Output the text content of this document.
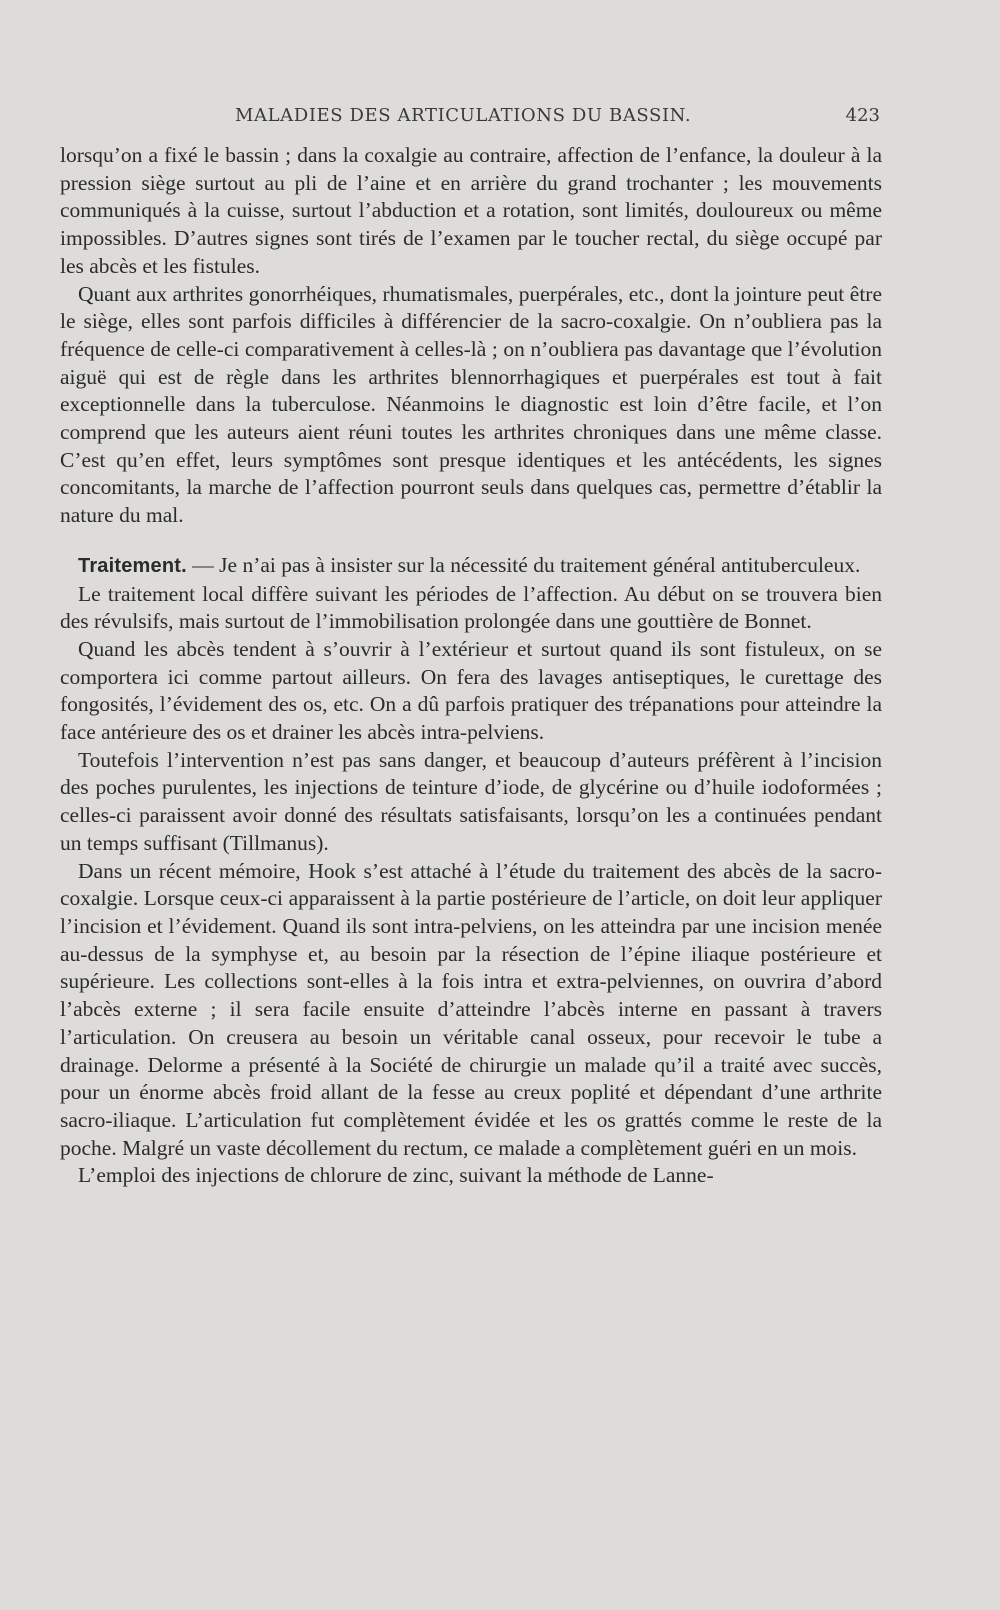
MALADIES DES ARTICULATIONS DU BASSIN.	423

lorsqu’on a fixé le bassin ; dans la coxalgie au contraire, affection de l’enfance, la douleur à la pression siège surtout au pli de l’aine et en arrière du grand trochanter ; les mouvements communiqués à la cuisse, surtout l’abduction et a rotation, sont limités, douloureux ou même impossibles. D’autres signes sont tirés de l’examen par le toucher rectal, du siège occupé par les abcès et les fistules.

Quant aux arthrites gonorrhéiques, rhumatismales, puerpérales, etc., dont la jointure peut être le siège, elles sont parfois difficiles à différencier de la sacro-coxalgie. On n’oubliera pas la fréquence de celle-ci comparativement à celles-là ; on n’oubliera pas davantage que l’évolution aiguë qui est de règle dans les arthrites blennorrhagiques et puerpérales est tout à fait exceptionnelle dans la tuberculose. Néanmoins le diagnostic est loin d’être facile, et l’on comprend que les auteurs aient réuni toutes les arthrites chroniques dans une même classe. C’est qu’en effet, leurs symptômes sont presque identiques et les antécédents, les signes concomitants, la marche de l’affection pourront seuls dans quelques cas, permettre d’établir la nature du mal.

Traitement. — Je n’ai pas à insister sur la nécessité du traitement général antituberculeux.

Le traitement local diffère suivant les périodes de l’affection. Au début on se trouvera bien des révulsifs, mais surtout de l’immobilisation prolongée dans une gouttière de Bonnet.

Quand les abcès tendent à s’ouvrir à l’extérieur et surtout quand ils sont fistuleux, on se comportera ici comme partout ailleurs. On fera des lavages antiseptiques, le curettage des fongosités, l’évidement des os, etc. On a dû parfois pratiquer des trépanations pour atteindre la face antérieure des os et drainer les abcès intra-pelviens.

Toutefois l’intervention n’est pas sans danger, et beaucoup d’auteurs préfèrent à l’incision des poches purulentes, les injections de teinture d’iode, de glycérine ou d’huile iodoformées ; celles-ci paraissent avoir donné des résultats satisfaisants, lorsqu’on les a continuées pendant un temps suffisant (Tillmanus).

Dans un récent mémoire, Hook s’est attaché à l’étude du traitement des abcès de la sacro-coxalgie. Lorsque ceux-ci apparaissent à la partie postérieure de l’article, on doit leur appliquer l’incision et l’évidement. Quand ils sont intra-pelviens, on les atteindra par une incision menée au-dessus de la symphyse et, au besoin par la résection de l’épine iliaque postérieure et supérieure. Les collections sont-elles à la fois intra et extra-pelviennes, on ouvrira d’abord l’abcès externe ; il sera facile ensuite d’atteindre l’abcès interne en passant à travers l’articulation. On creusera au besoin un véritable canal osseux, pour recevoir le tube a drainage. Delorme a présenté à la Société de chirurgie un malade qu’il a traité avec succès, pour un énorme abcès froid allant de la fesse au creux poplité et dépendant d’une arthrite sacro-iliaque. L’articulation fut complètement évidée et les os grattés comme le reste de la poche. Malgré un vaste décollement du rectum, ce malade a complètement guéri en un mois.

L’emploi des injections de chlorure de zinc, suivant la méthode de Lanne-
